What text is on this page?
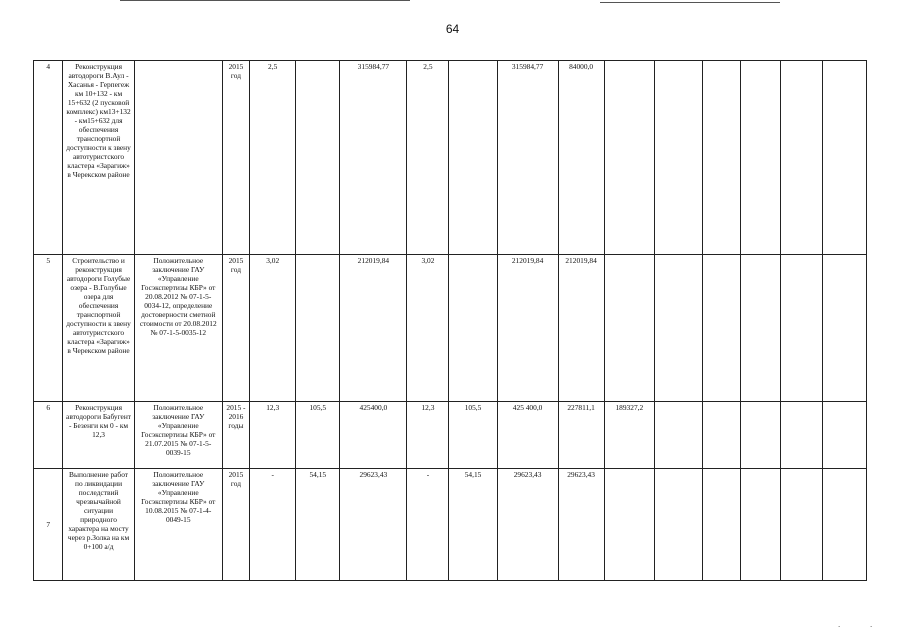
64
4	Реконструкция автодороги В.Аул - Хасанья - Герпегеж км 10+132 - км 15+632 (2 пусковой комплекс) км13+132 - км15+632 для обеспечения транспортной доступности к звену автотуристского кластера «Зарагиж» в Черекском районе		2015 год	2,5		315984,77	2,5		315984,77	84000,0						
5	Строительство и реконструкция автодороги Голубые озера - В.Голубые озера для обеспечения транспортной доступности к звену автотуристского кластера «Зарагиж» в Черекском районе	Положительное заключение ГАУ «Управление Госэкспертизы КБР» от 20.08.2012 № 07-1-5-0034-12, определение достоверности сметной стоимости от 20.08.2012 № 07-1-5-0035-12	2015 год	3,02		212019,84	3,02		212019,84	212019,84						
6	Реконструкция автодороги Бабугент - Безенги км 0 - км 12,3	Положительное заключение ГАУ «Управление Госэкспертизы КБР» от 21.07.2015 № 07-1-5-0039-15	2015 - 2016 годы	12,3	105,5	425400,0	12,3	105,5	425 400,0	227811,1	189327,2					
7	Выполнение работ по ликвидации последствий чрезвычайной ситуации природного характера на мосту через р.Золка на км 0+100 а/д	Положительное заключение ГАУ «Управление Госэкспертизы КБР» от 10.08.2015 № 07-1-4-0049-15	2015 год	-	54,15	29623,43	-	54,15	29623,43	29623,43						
.	.
